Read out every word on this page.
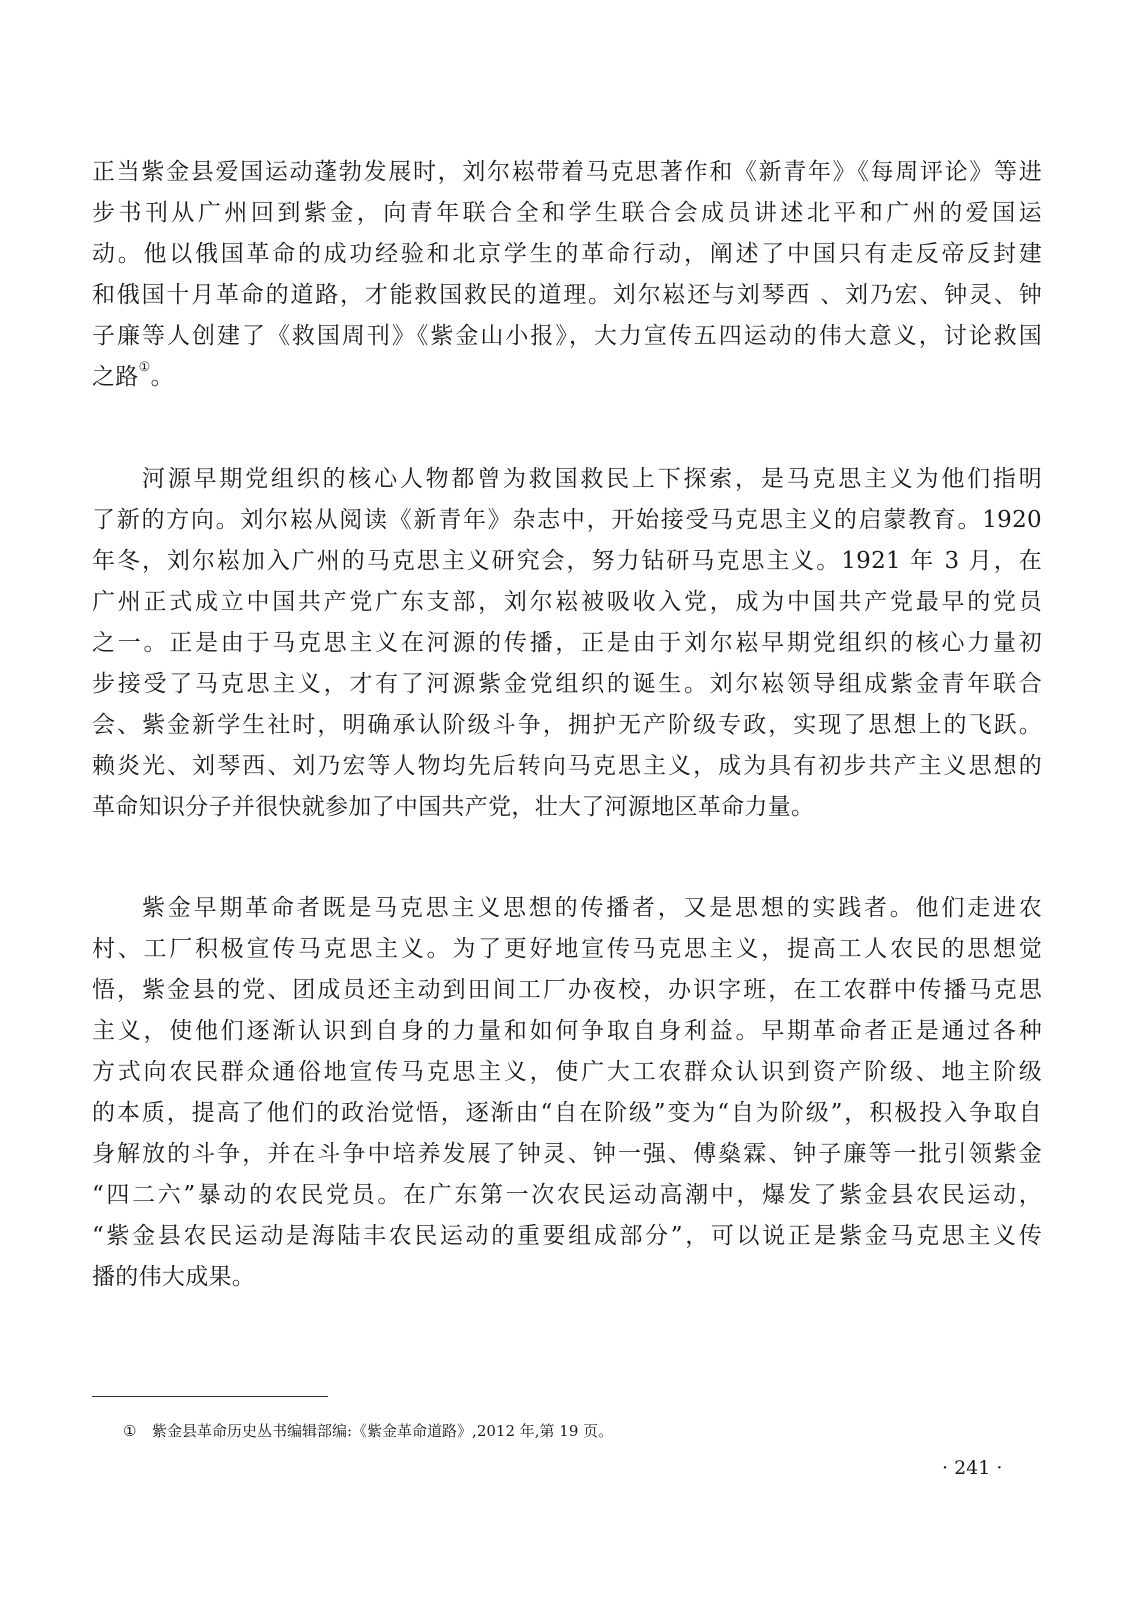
正当紫金县爱国运动蓬勃发展时，刘尔崧带着马克思著作和《新青年》《每周评论》等进
步书刊从广州回到紫金，向青年联合全和学生联合会成员讲述北平和广州的爱国运
动。他以俄国革命的成功经验和北京学生的革命行动，阐述了中国只有走反帝反封建
和俄国十月革命的道路，才能救国救民的道理。刘尔崧还与刘琴西 、刘乃宏、钟灵、钟
子廉等人创建了《救国周刊》《紫金山小报》，大力宣传五四运动的伟大意义，讨论救国
之路①。
河源早期党组织的核心人物都曾为救国救民上下探索，是马克思主义为他们指明
了新的方向。刘尔崧从阅读《新青年》杂志中，开始接受马克思主义的启蒙教育。1920
年冬，刘尔崧加入广州的马克思主义研究会，努力钻研马克思主义。1921 年 3 月，在
广州正式成立中国共产党广东支部，刘尔崧被吸收入党，成为中国共产党最早的党员
之一。正是由于马克思主义在河源的传播，正是由于刘尔崧早期党组织的核心力量初
步接受了马克思主义，才有了河源紫金党组织的诞生。刘尔崧领导组成紫金青年联合
会、紫金新学生社时，明确承认阶级斗争，拥护无产阶级专政，实现了思想上的飞跃。
赖炎光、刘琴西、刘乃宏等人物均先后转向马克思主义，成为具有初步共产主义思想的
革命知识分子并很快就参加了中国共产党，壮大了河源地区革命力量。
紫金早期革命者既是马克思主义思想的传播者，又是思想的实践者。他们走进农
村、工厂积极宣传马克思主义。为了更好地宣传马克思主义，提高工人农民的思想觉
悟，紫金县的党、团成员还主动到田间工厂办夜校，办识字班，在工农群中传播马克思
主义，使他们逐渐认识到自身的力量和如何争取自身利益。早期革命者正是通过各种
方式向农民群众通俗地宣传马克思主义，使广大工农群众认识到资产阶级、地主阶级
的本质，提高了他们的政治觉悟，逐渐由“自在阶级”变为“自为阶级”，积极投入争取自
身解放的斗争，并在斗争中培养发展了钟灵、钟一强、傅燊霖、钟子廉等一批引领紫金
“四二六”暴动的农民党员。在广东第一次农民运动高潮中，爆发了紫金县农民运动，
“紫金县农民运动是海陆丰农民运动的重要组成部分”，可以说正是紫金马克思主义传
播的伟大成果。
① 紫金县革命历史丛书编辑部编:《紫金革命道路》,2012 年,第 19 页。
· 241 ·
